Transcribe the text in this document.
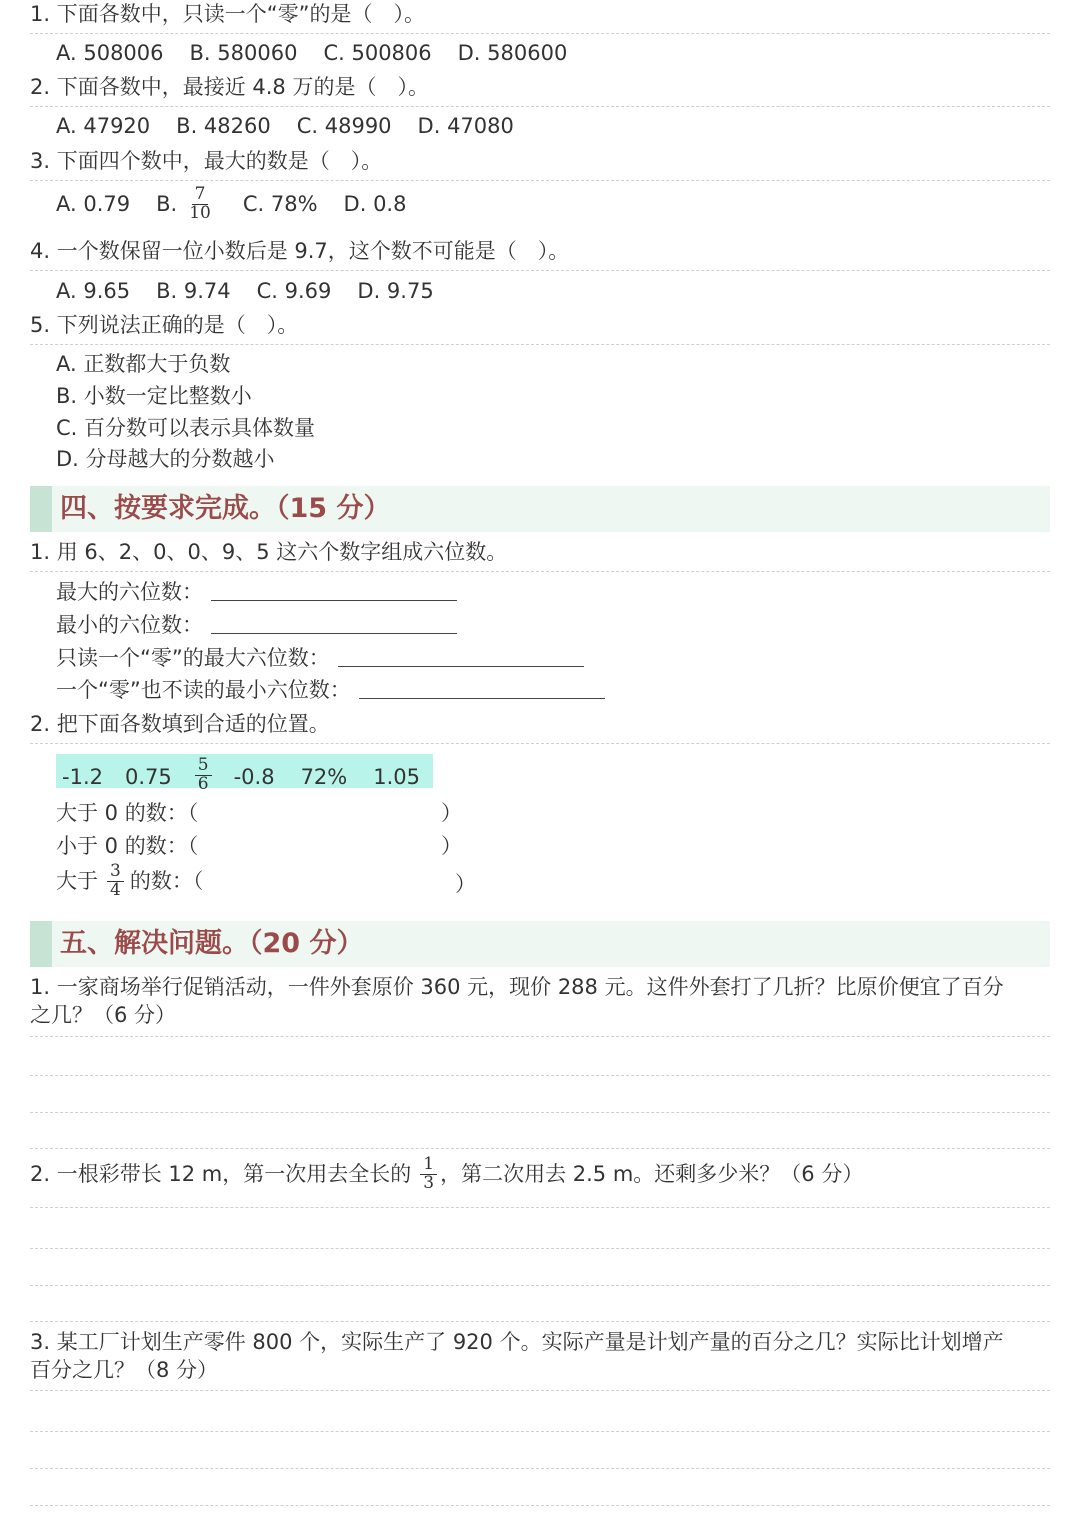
1. 下面各数中，只读一个“零”的是（　）。
A. 508006 B. 580060 C. 500806 D. 580600
2. 下面各数中，最接近 4.8 万的是（　）。
A. 47920 B. 48260 C. 48990 D. 47080
3. 下面四个数中，最大的数是（　）。
A. 0.79 B. $\frac{7}{10} C$. 78% D. 0.8
4. 一个数保留一位小数后是 9.7，这个数不可能是（　）。
A. 9.65 B. 9.74 C. 9.69 D. 9.75
5. 下列说法正确的是（　）。
A. 正数都大于负数
B. 小数一定比整数小
C. 百分数可以表示具体数量
D. 分母越大的分数越小
四、按要求完成。（15 分）
1. 用 6、2、0、0、9、5 这六个数字组成六位数。
最大的六位数：
最小的六位数：
只读一个“零”的最大六位数：
一个“零”也不读的最小六位数：
2. 把下面各数填到合适的位置。
-1.2 $0.75 \frac{5}{6} -0.8$ 72% 1.05
大于 0 的数：（	）
小于 0 的数：（	）
大于 $\frac{3}{4}$ 的数：（	）
五、解决问题。（20 分）
1. 一家商场举行促销活动，一件外套原价 360 元，现价 288 元。这件外套打了几折？比原价便宜了百分
之几？（6 分）
2. 一根彩带长 12 m，第一次用去全长的 $\frac{1}{3}$ ，第二次用去 2.5 m。还剩多少米？（6 分）
3. 某工厂计划生产零件 800 个，实际生产了 920 个。实际产量是计划产量的百分之几？实际比计划增产
百分之几？（8 分）
